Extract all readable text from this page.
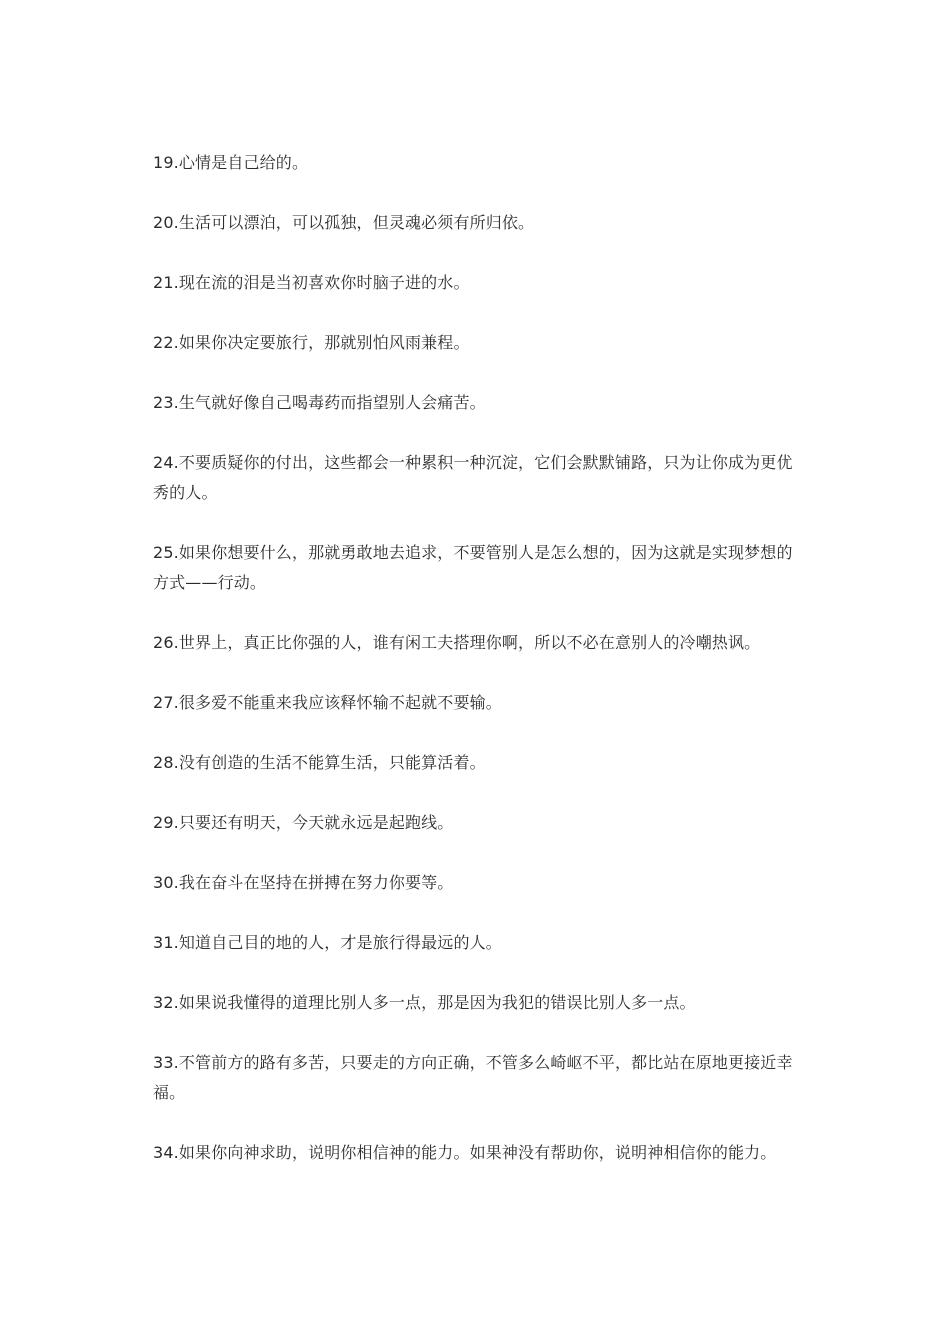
19.心情是自己给的。
20.生活可以漂泊，可以孤独，但灵魂必须有所归依。
21.现在流的泪是当初喜欢你时脑子进的水。
22.如果你决定要旅行，那就别怕风雨兼程。
23.生气就好像自己喝毒药而指望别人会痛苦。
24.不要质疑你的付出，这些都会一种累积一种沉淀，它们会默默铺路，只为让你成为更优秀的人。
25.如果你想要什么，那就勇敢地去追求，不要管别人是怎么想的，因为这就是实现梦想的方式——行动。
26.世界上，真正比你强的人，谁有闲工夫搭理你啊，所以不必在意别人的冷嘲热讽。
27.很多爱不能重来我应该释怀输不起就不要输。
28.没有创造的生活不能算生活，只能算活着。
29.只要还有明天，今天就永远是起跑线。
30.我在奋斗在坚持在拼搏在努力你要等。
31.知道自己目的地的人，才是旅行得最远的人。
32.如果说我懂得的道理比别人多一点，那是因为我犯的错误比别人多一点。
33.不管前方的路有多苦，只要走的方向正确，不管多么崎岖不平，都比站在原地更接近幸福。
34.如果你向神求助，说明你相信神的能力。如果神没有帮助你，说明神相信你的能力。
